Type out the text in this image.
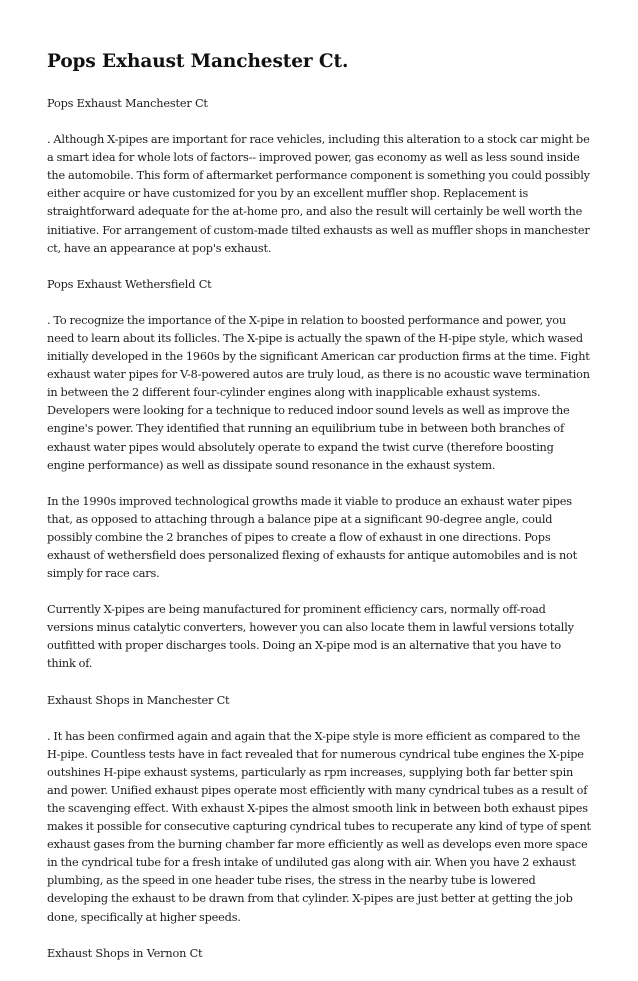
Pops Exhaust Manchester Ct.

Pops Exhaust Manchester Ct

. Although X-pipes are important for race vehicles, including this alteration to a stock car might be a smart idea for whole lots of factors-- improved power, gas economy as well as less sound inside the automobile. This form of aftermarket performance component is something you could possibly either acquire or have customized for you by an excellent muffler shop. Replacement is straightforward adequate for the at-home pro, and also the result will certainly be well worth the initiative. For arrangement of custom-made tilted exhausts as well as muffler shops in manchester ct, have an appearance at pop's exhaust.

Pops Exhaust Wethersfield Ct

. To recognize the importance of the X-pipe in relation to boosted performance and power, you need to learn about its follicles. The X-pipe is actually the spawn of the H-pipe style, which wased initially developed in the 1960s by the significant American car production firms at the time. Fight exhaust water pipes for V-8-powered autos are truly loud, as there is no acoustic wave termination in between the 2 different four-cylinder engines along with inapplicable exhaust systems. Developers were looking for a technique to reduced indoor sound levels as well as improve the engine's power. They identified that running an equilibrium tube in between both branches of exhaust water pipes would absolutely operate to expand the twist curve (therefore boosting engine performance) as well as dissipate sound resonance in the exhaust system.

In the 1990s improved technological growths made it viable to produce an exhaust water pipes that, as opposed to attaching through a balance pipe at a significant 90-degree angle, could possibly combine the 2 branches of pipes to create a flow of exhaust in one directions. Pops exhaust of wethersfield does personalized flexing of exhausts for antique automobiles and is not simply for race cars.

Currently X-pipes are being manufactured for prominent efficiency cars, normally off-road versions minus catalytic converters, however you can also locate them in lawful versions totally outfitted with proper discharges tools. Doing an X-pipe mod is an alternative that you have to think of.

Exhaust Shops in Manchester Ct

. It has been confirmed again and again that the X-pipe style is more efficient as compared to the H-pipe. Countless tests have in fact revealed that for numerous cyndrical tube engines the X-pipe outshines H-pipe exhaust systems, particularly as rpm increases, supplying both far better spin and power. Unified exhaust pipes operate most efficiently with many cyndrical tubes as a result of the scavenging effect. With exhaust X-pipes the almost smooth link in between both exhaust pipes makes it possible for consecutive capturing cyndrical tubes to recuperate any kind of type of spent exhaust gases from the burning chamber far more efficiently as well as develops even more space in the cyndrical tube for a fresh intake of undiluted gas along with air. When you have 2 exhaust plumbing, as the speed in one header tube rises, the stress in the nearby tube is lowered developing the exhaust to be drawn from that cylinder. X-pipes are just better at getting the job done, specifically at higher speeds.

Exhaust Shops in Vernon Ct
